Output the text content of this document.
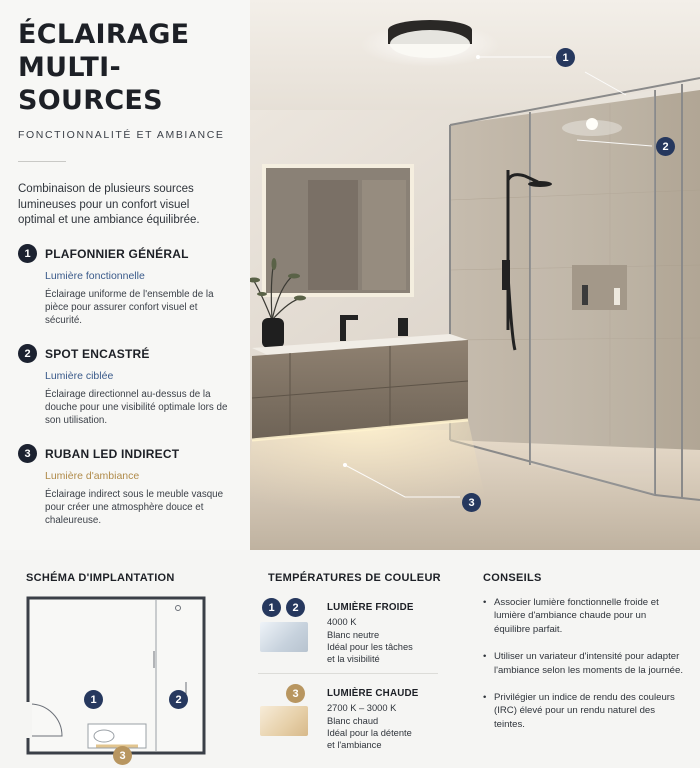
ÉCLAIRAGE
MULTI-SOURCES
FONCTIONNALITÉ ET AMBIANCE
Combinaison de plusieurs sources lumineuses pour un confort visuel optimal et une ambiance équilibrée.
1	PLAFONNIER GÉNÉRAL
Lumière fonctionnelle
Éclairage uniforme de l'ensemble de la pièce pour assurer confort visuel et sécurité.
2	SPOT ENCASTRÉ
Lumière ciblée
Éclairage directionnel au-dessus de la douche pour une visibilité optimale lors de son utilisation.
3	RUBAN LED INDIRECT
Lumière d'ambiance
Éclairage indirect sous le meuble vasque pour créer une atmosphère douce et chaleureuse.
1
2
3
SCHÉMA D'IMPLANTATION
1	2
3
TEMPÉRATURES DE COULEUR
1	2	LUMIÈRE FROIDE
4000 K
Blanc neutre
Idéal pour les tâches
et la visibilité
3	LUMIÈRE CHAUDE
2700 K – 3000 K
Blanc chaud
Idéal pour la détente
et l'ambiance
CONSEILS
• Associer lumière fonctionnelle froide et lumière d'ambiance chaude pour un équilibre parfait.
• Utiliser un variateur d'intensité pour adapter l'ambiance selon les moments de la journée.
• Privilégier un indice de rendu des couleurs (IRC) élevé pour un rendu naturel des teintes.
